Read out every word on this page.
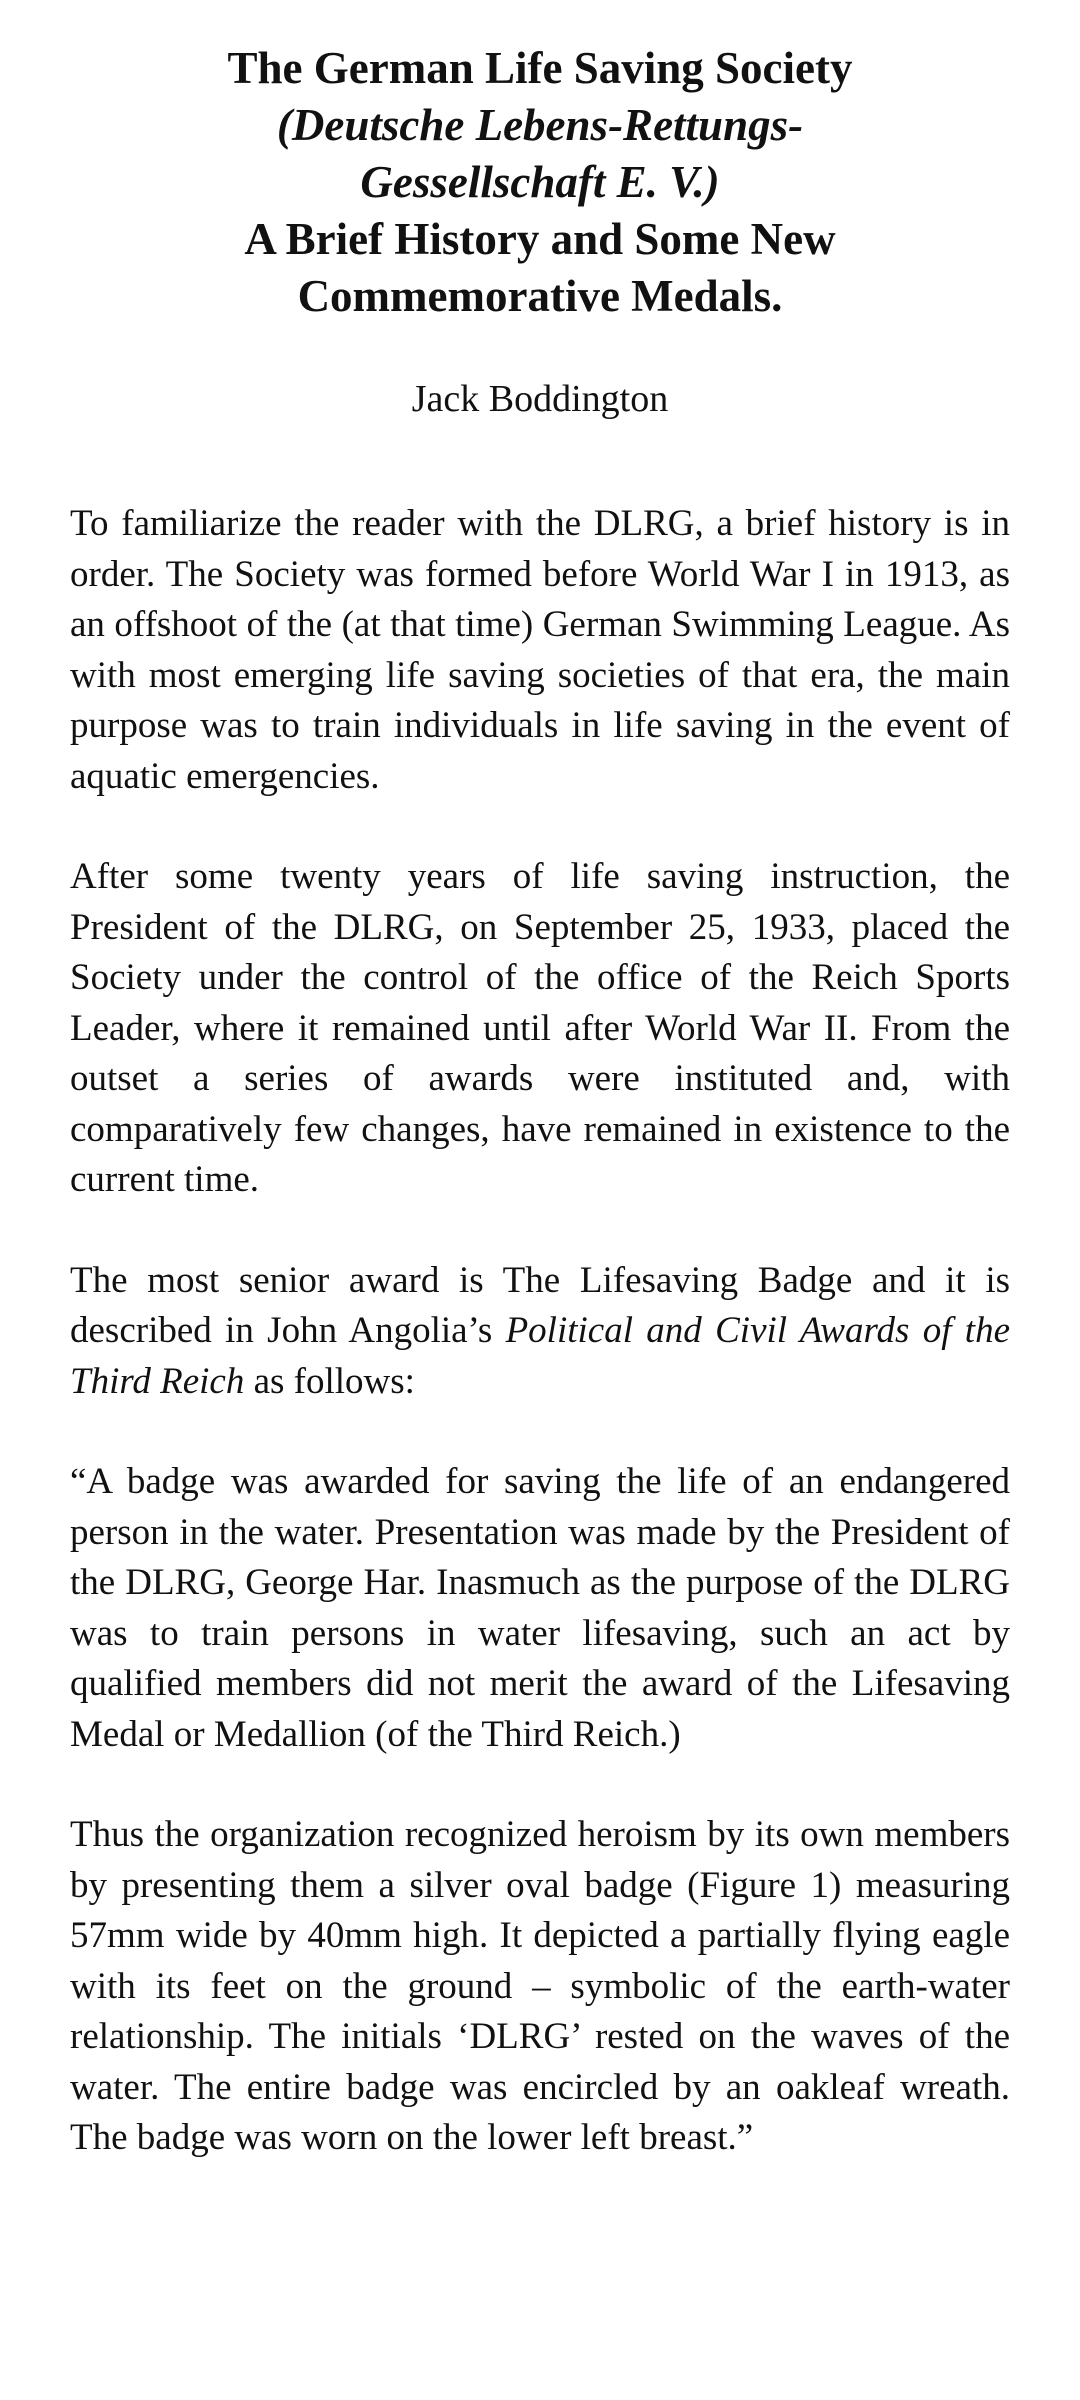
The German Life Saving Society
(Deutsche Lebens-Rettungs-
Gessellschaft E. V.)
A Brief History and Some New
Commemorative Medals.
Jack Boddington

To familiarize the reader with the DLRG, a brief history is in order. The Society was formed before World War I in 1913, as an offshoot of the (at that time) German Swimming League. As with most emerging life saving societies of that era, the main purpose was to train individuals in life saving in the event of aquatic emergencies.

After some twenty years of life saving instruction, the President of the DLRG, on September 25, 1933, placed the Society under the control of the office of the Reich Sports Leader, where it remained until after World War II. From the outset a series of awards were instituted and, with comparatively few changes, have remained in existence to the current time.

The most senior award is The Lifesaving Badge and it is described in John Angolia’s Political and Civil Awards of the Third Reich as follows:

“A badge was awarded for saving the life of an endangered person in the water. Presentation was made by the President of the DLRG, George Har. Inasmuch as the purpose of the DLRG was to train persons in water lifesaving, such an act by qualified members did not merit the award of the Lifesaving Medal or Medallion (of the Third Reich.)

Thus the organization recognized heroism by its own members by presenting them a silver oval badge (Figure 1) measuring 57mm wide by 40mm high. It depicted a partially flying eagle with its feet on the ground – symbolic of the earth-water relationship. The initials ‘DLRG’ rested on the waves of the water. The entire badge was encircled by an oakleaf wreath. The badge was worn on the lower left breast.”
